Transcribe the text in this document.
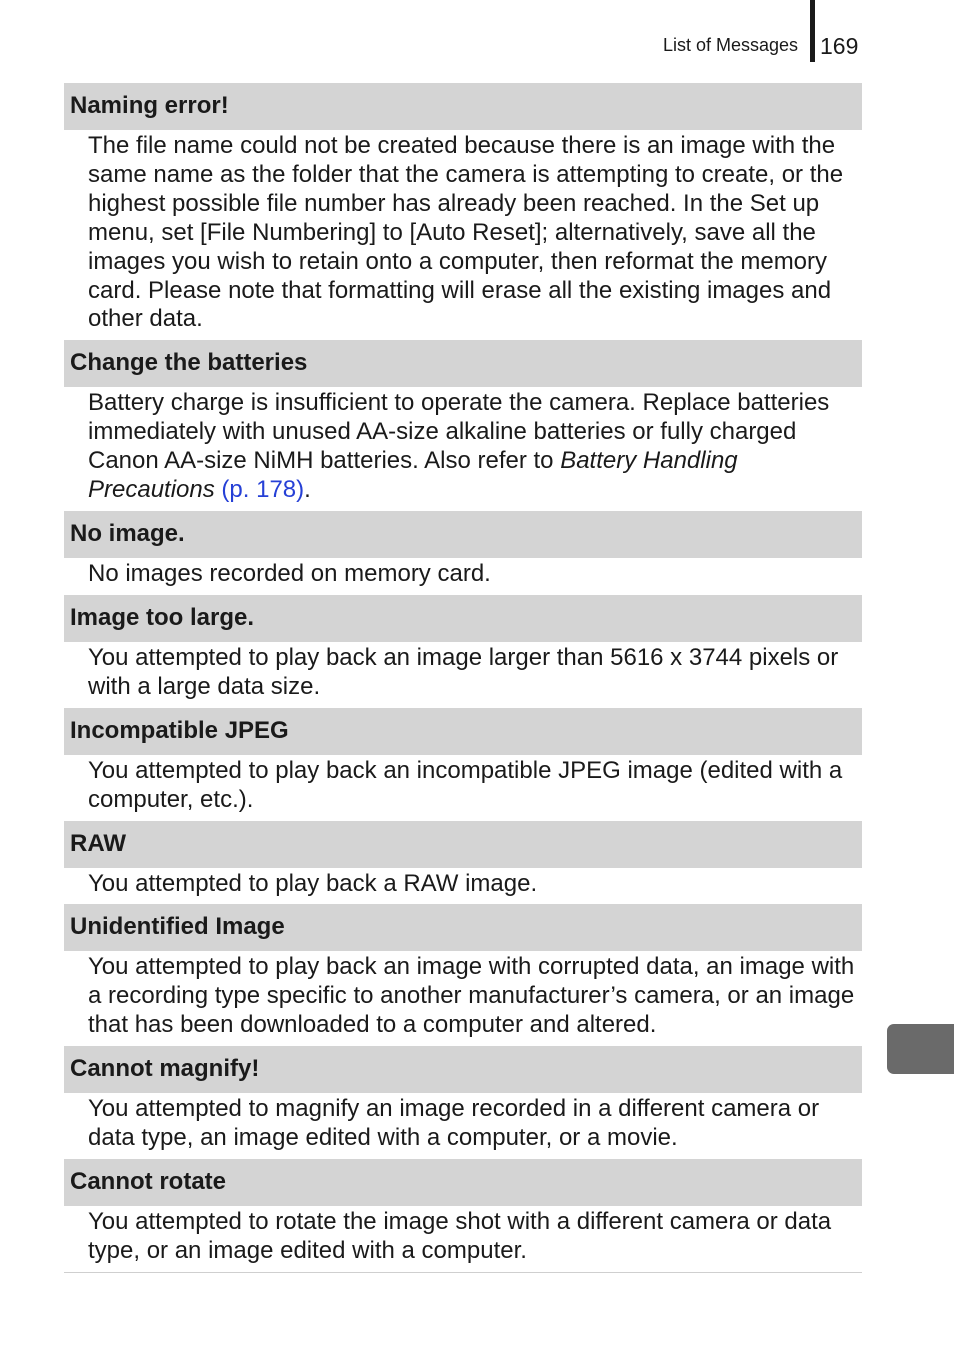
List of Messages 169
Naming error!
The file name could not be created because there is an image with the same name as the folder that the camera is attempting to create, or the highest possible file number has already been reached. In the Set up menu, set [File Numbering] to [Auto Reset]; alternatively, save all the images you wish to retain onto a computer, then reformat the memory card. Please note that formatting will erase all the existing images and other data.
Change the batteries
Battery charge is insufficient to operate the camera. Replace batteries immediately with unused AA-size alkaline batteries or fully charged Canon AA-size NiMH batteries. Also refer to Battery Handling Precautions (p. 178).
No image.
No images recorded on memory card.
Image too large.
You attempted to play back an image larger than 5616 x 3744 pixels or with a large data size.
Incompatible JPEG
You attempted to play back an incompatible JPEG image (edited with a computer, etc.).
RAW
You attempted to play back a RAW image.
Unidentified Image
You attempted to play back an image with corrupted data, an image with a recording type specific to another manufacturer’s camera, or an image that has been downloaded to a computer and altered.
Cannot magnify!
You attempted to magnify an image recorded in a different camera or data type, an image edited with a computer, or a movie.
Cannot rotate
You attempted to rotate the image shot with a different camera or data type, or an image edited with a computer.
